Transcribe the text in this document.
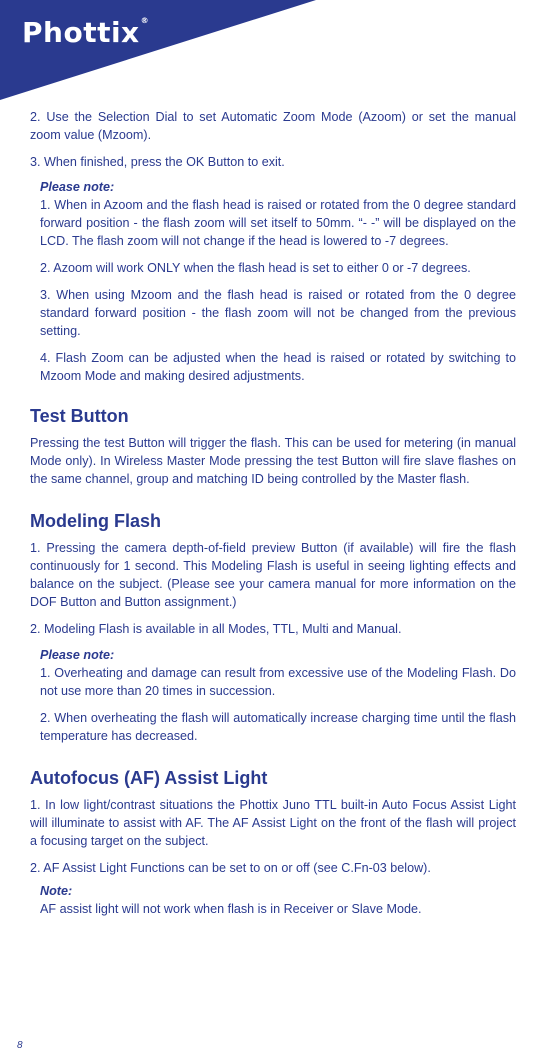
Phottix®

2. Use the Selection Dial to set Automatic Zoom Mode (Azoom) or set the manual zoom value (Mzoom).

3. When finished, press the OK Button to exit.

Please note:

1. When in Azoom and the flash head is raised or rotated from the 0 degree standard forward position - the flash zoom will set itself to 50mm. “- -” will be displayed on the LCD. The flash zoom will not change if the head is lowered to -7 degrees.

2. Azoom will work ONLY when the flash head is set to either 0 or -7 degrees.

3. When using Mzoom and the flash head is raised or rotated from the 0 degree standard forward position - the flash zoom will not be changed from the previous setting.

4. Flash Zoom can be adjusted when the head is raised or rotated by switching to Mzoom Mode and making desired adjustments.

Test Button

Pressing the test Button will trigger the flash. This can be used for metering (in manual Mode only). In Wireless Master Mode pressing the test Button will fire slave flashes on the same channel, group and matching ID being controlled by the Master flash.

Modeling Flash

1. Pressing the camera depth-of-field preview Button (if available) will fire the flash continuously for 1 second. This Modeling Flash is useful in seeing lighting effects and balance on the subject. (Please see your camera manual for more information on the DOF Button and Button assignment.)

2. Modeling Flash is available in all Modes, TTL, Multi and Manual.

Please note:

1. Overheating and damage can result from excessive use of the Modeling Flash. Do not use more than 20 times in succession.

2. When overheating the flash will automatically increase charging time until the flash temperature has decreased.

Autofocus (AF) Assist Light

1. In low light/contrast situations the Phottix Juno TTL built-in Auto Focus Assist Light will illuminate to assist with AF. The AF Assist Light on the front of the flash will project a focusing target on the subject.

2. AF Assist Light Functions can be set to on or off (see C.Fn-03 below).

Note:

AF assist light will not work when flash is in Receiver or Slave Mode.

8
